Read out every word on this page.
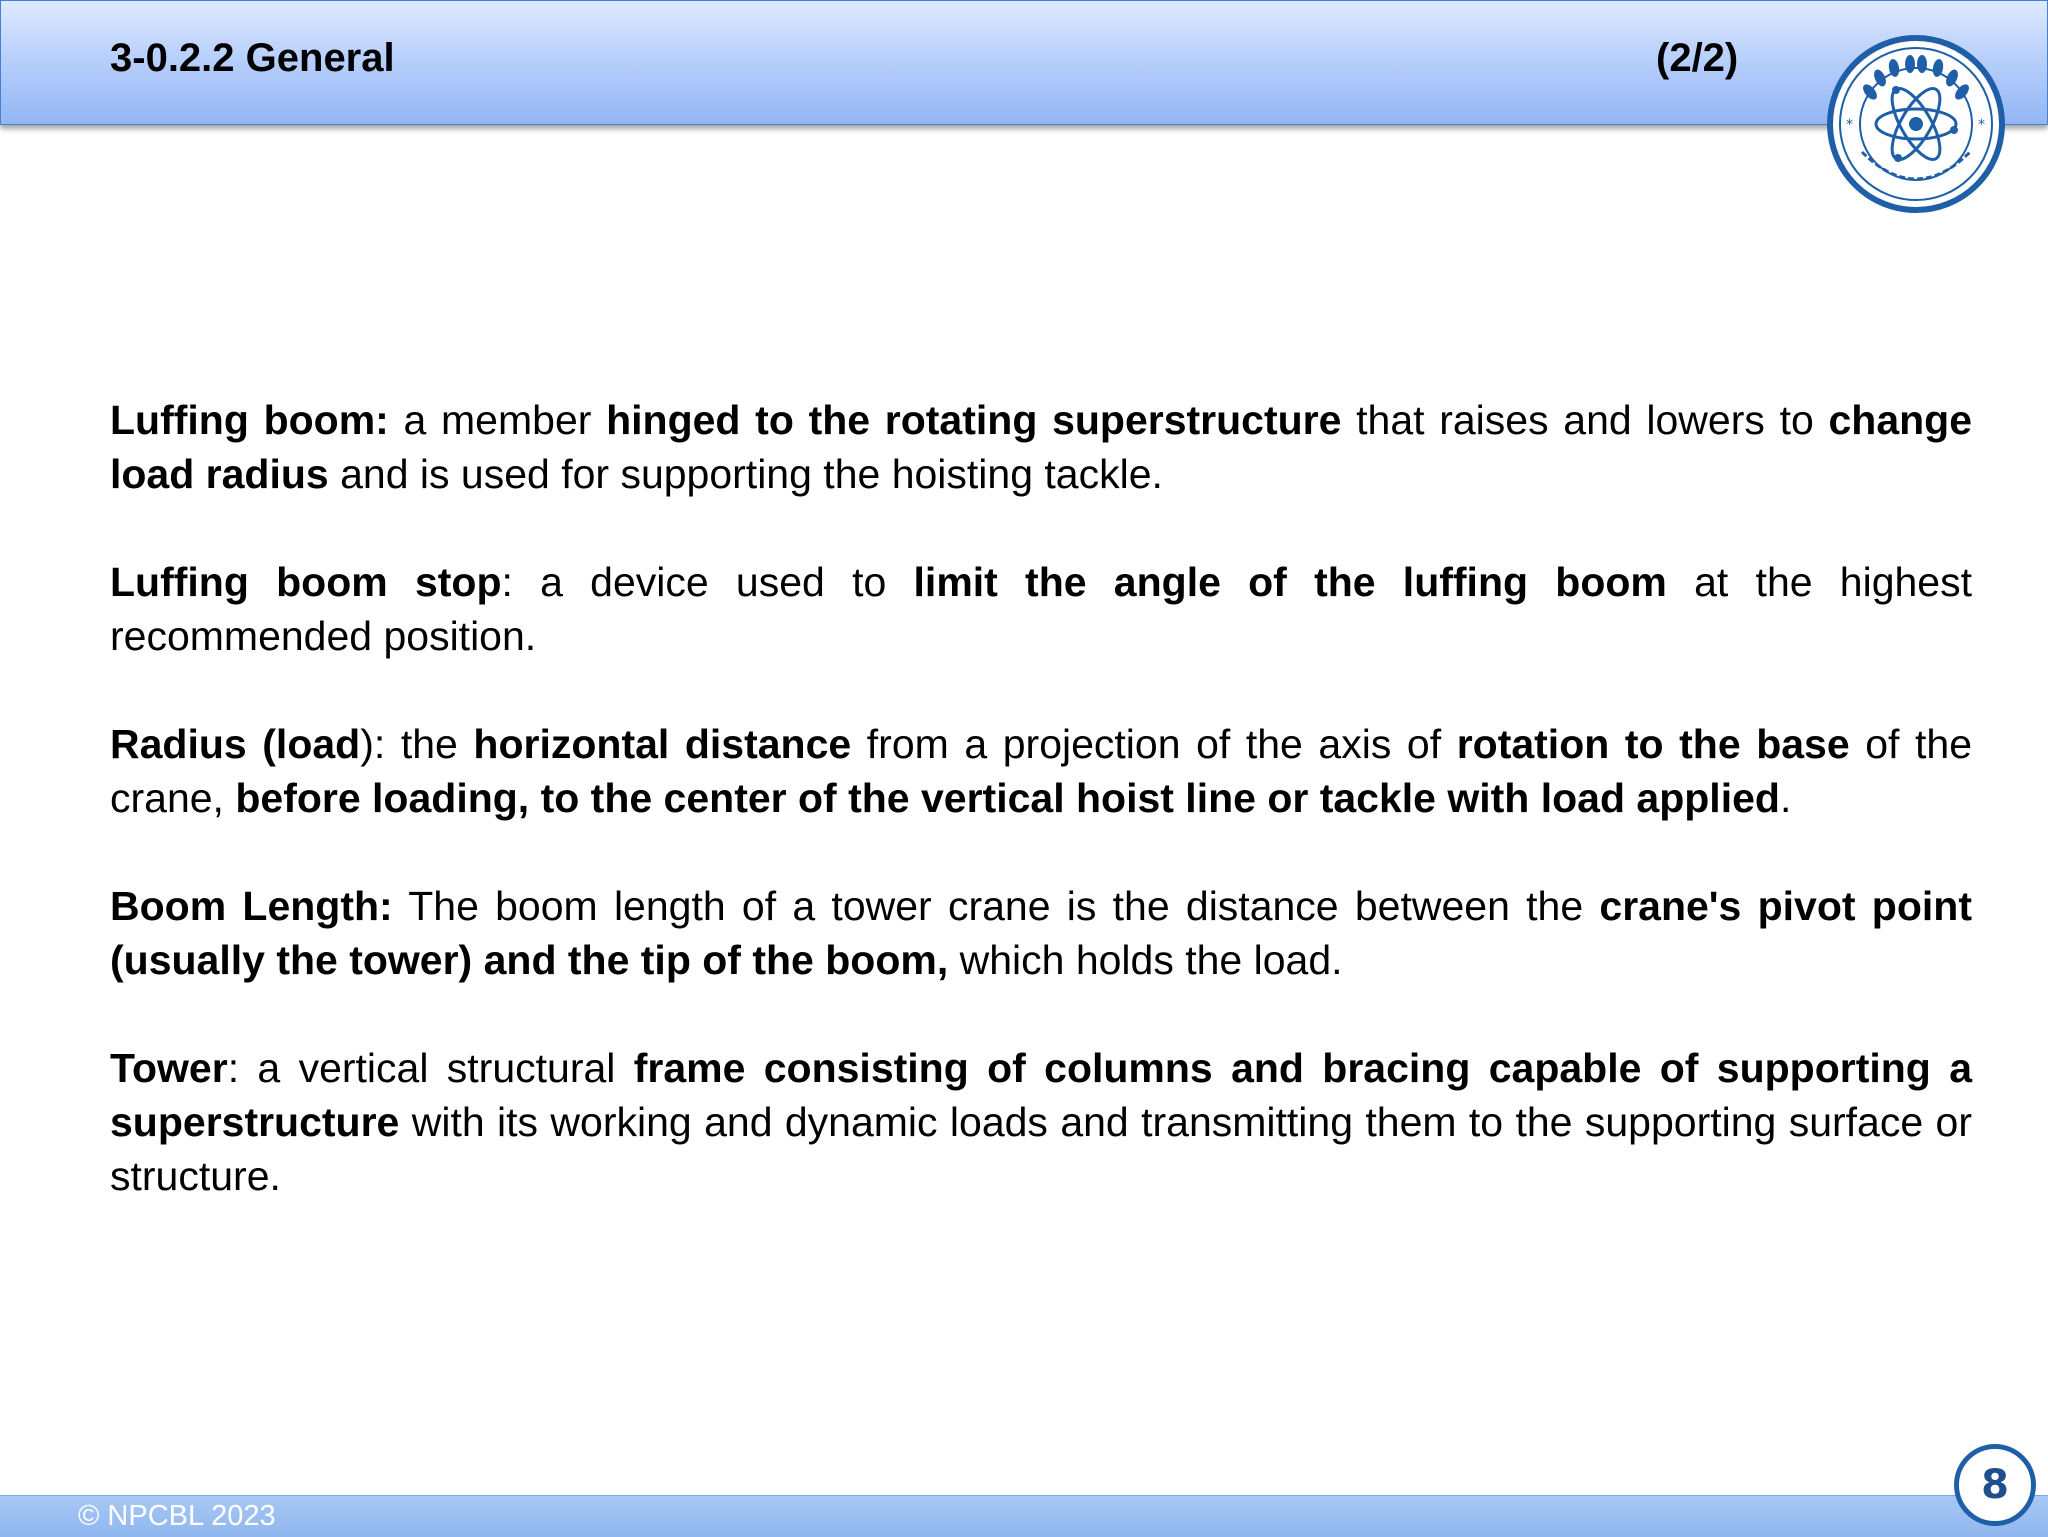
3-0.2.2 General	(2/2)
*	*

Luffing boom: a member hinged to the rotating superstructure that raises and lowers to change load radius and is used for supporting the hoisting tackle.

Luffing boom stop: a device used to limit the angle of the luffing boom at the highest recommended position.

Radius (load): the horizontal distance from a projection of the axis of rotation to the base of the crane, before loading, to the center of the vertical hoist line or tackle with load applied.

Boom Length: The boom length of a tower crane is the distance between the crane's pivot point (usually the tower) and the tip of the boom, which holds the load.

Tower: a vertical structural frame consisting of columns and bracing capable of supporting a superstructure with its working and dynamic loads and transmitting them to the supporting surface or structure.

© NPCBL 2023
8
